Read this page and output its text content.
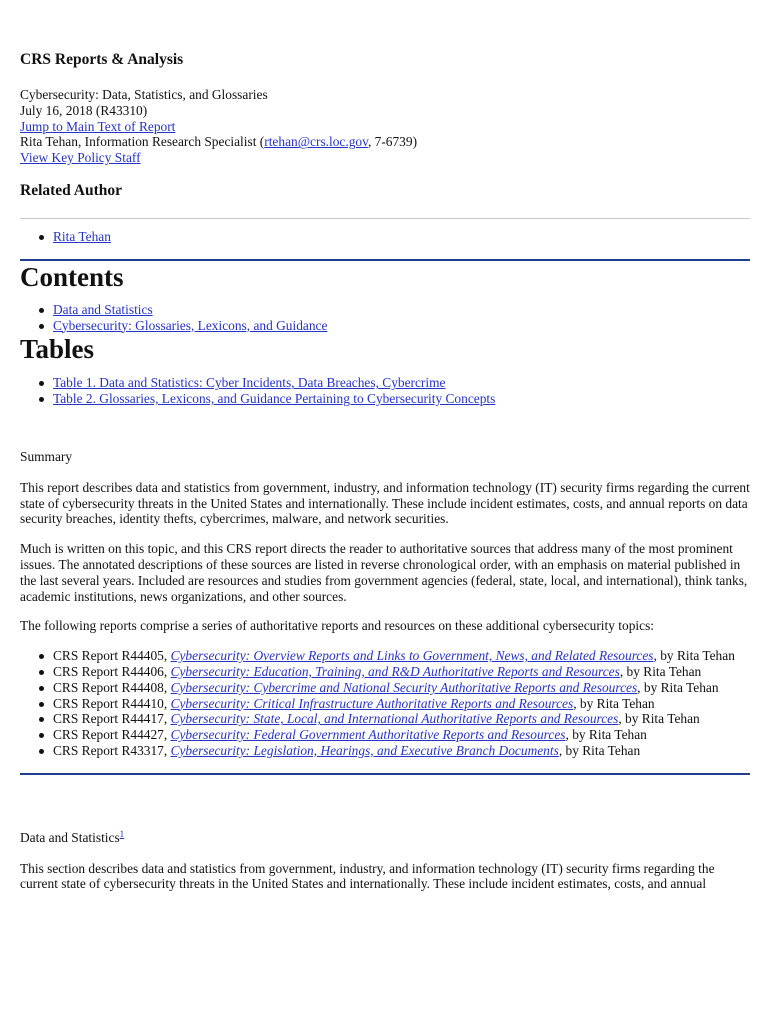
CRS Reports & Analysis
Cybersecurity: Data, Statistics, and Glossaries
July 16, 2018 (R43310)
Jump to Main Text of Report
Rita Tehan, Information Research Specialist (rtehan@crs.loc.gov, 7-6739)
View Key Policy Staff
Related Author
Rita Tehan
Contents
Data and Statistics
Cybersecurity: Glossaries, Lexicons, and Guidance
Tables
Table 1. Data and Statistics: Cyber Incidents, Data Breaches, Cybercrime
Table 2. Glossaries, Lexicons, and Guidance Pertaining to Cybersecurity Concepts
Summary

This report describes data and statistics from government, industry, and information technology (IT) security firms regarding the current state of cybersecurity threats in the United States and internationally. These include incident estimates, costs, and annual reports on data security breaches, identity thefts, cybercrimes, malware, and network securities.

Much is written on this topic, and this CRS report directs the reader to authoritative sources that address many of the most prominent issues. The annotated descriptions of these sources are listed in reverse chronological order, with an emphasis on material published in the last several years. Included are resources and studies from government agencies (federal, state, local, and international), think tanks, academic institutions, news organizations, and other sources.

The following reports comprise a series of authoritative reports and resources on these additional cybersecurity topics:

CRS Report R44405, Cybersecurity: Overview Reports and Links to Government, News, and Related Resources, by Rita Tehan
CRS Report R44406, Cybersecurity: Education, Training, and R&D Authoritative Reports and Resources, by Rita Tehan
CRS Report R44408, Cybersecurity: Cybercrime and National Security Authoritative Reports and Resources, by Rita Tehan
CRS Report R44410, Cybersecurity: Critical Infrastructure Authoritative Reports and Resources, by Rita Tehan
CRS Report R44417, Cybersecurity: State, Local, and International Authoritative Reports and Resources, by Rita Tehan
CRS Report R44427, Cybersecurity: Federal Government Authoritative Reports and Resources, by Rita Tehan
CRS Report R43317, Cybersecurity: Legislation, Hearings, and Executive Branch Documents, by Rita Tehan
Data and Statistics$^1$

This section describes data and statistics from government, industry, and information technology (IT) security firms regarding the current state of cybersecurity threats in the United States and internationally. These include incident estimates, costs, and annual
